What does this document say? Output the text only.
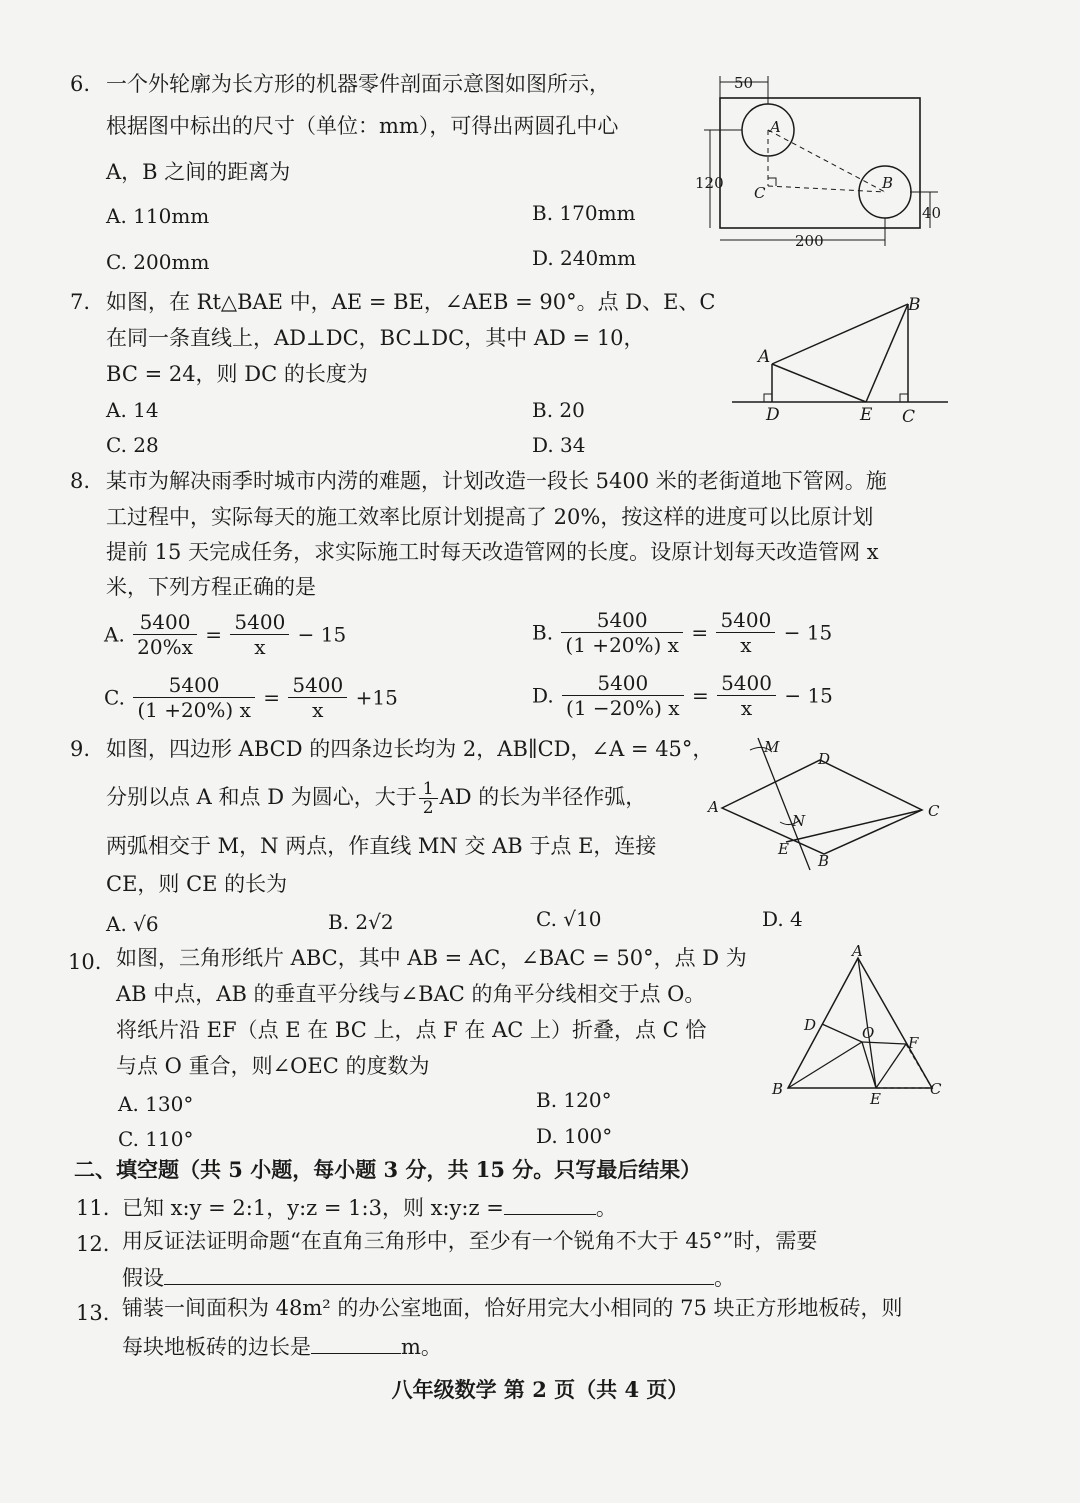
6. 一个外轮廓为长方形的机器零件剖面示意图如图所示，
根据图中标出的尺寸（单位：mm），可得出两圆孔中心
A，B 之间的距离为
A. 110mm	B. 170mm
C. 200mm	D. 240mm
50
120
40
200
A
B
C
7. 如图，在 Rt△BAE 中，AE = BE，∠AEB = 90°。点 D、E、C
在同一条直线上，AD⊥DC，BC⊥DC，其中 AD = 10，
BC = 24，则 DC 的长度为
A. 14	B. 20
C. 28	D. 34
A
B
D	E C
8. 某市为解决雨季时城市内涝的难题，计划改造一段长 5400 米的老街道地下管网。施
工过程中，实际每天的施工效率比原计划提高了 20%，按这样的进度可以比原计划
提前 15 天完成任务，求实际施工时每天改造管网的长度。设原计划每天改造管网 x
米，下列方程正确的是
A. $\frac{5400}{20\%x} = \frac{5400}{x} - 15$	B. $\frac{5400}{(1 +20\%) x} = \frac{5400}{x} - 15$
C. $\frac{5400}{(1 +20\%) x} = \frac{5400}{x} +15$	D. $\frac{5400}{(1 -20\%) x} = \frac{5400}{x} - 15$
9. 如图，四边形 ABCD 的四条边长均为 2，AB∥CD，∠A = 45°，
分别以点 A 和点 D 为圆心，大于 $\frac{1}{2}$ AD 的长为半径作弧，
两弧相交于 M，N 两点，作直线 MN 交 AB 于点 E，连接
CE，则 CE 的长为
A. √6	B. 2√2	C. √10	D. 4
M
D
A	C
N
E
B
10. 如图，三角形纸片 ABC，其中 AB = AC，∠BAC = 50°，点 D 为
AB 中点，AB 的垂直平分线与∠BAC 的角平分线相交于点 O。
将纸片沿 EF（点 E 在 BC 上，点 F 在 AC 上）折叠，点 C 恰
与点 O 重合，则∠OEC 的度数为
A. 130°	B. 120°
C. 110°	D. 100°
A
D	O
F
B
E
C
二、填空题（共 5 小题，每小题 3 分，共 15 分。只写最后结果）
11. 已知 x:y = 2:1，y:z = 1:3，则 x:y:z =	。
12. 用反证法证明命题“在直角三角形中，至少有一个锐角不大于 45°”时，需要
假设	。
13. 铺装一间面积为 48m² 的办公室地面，恰好用完大小相同的 75 块正方形地板砖，则
每块地板砖的边长是	m。
八年级数学 第 2 页（共 4 页）
